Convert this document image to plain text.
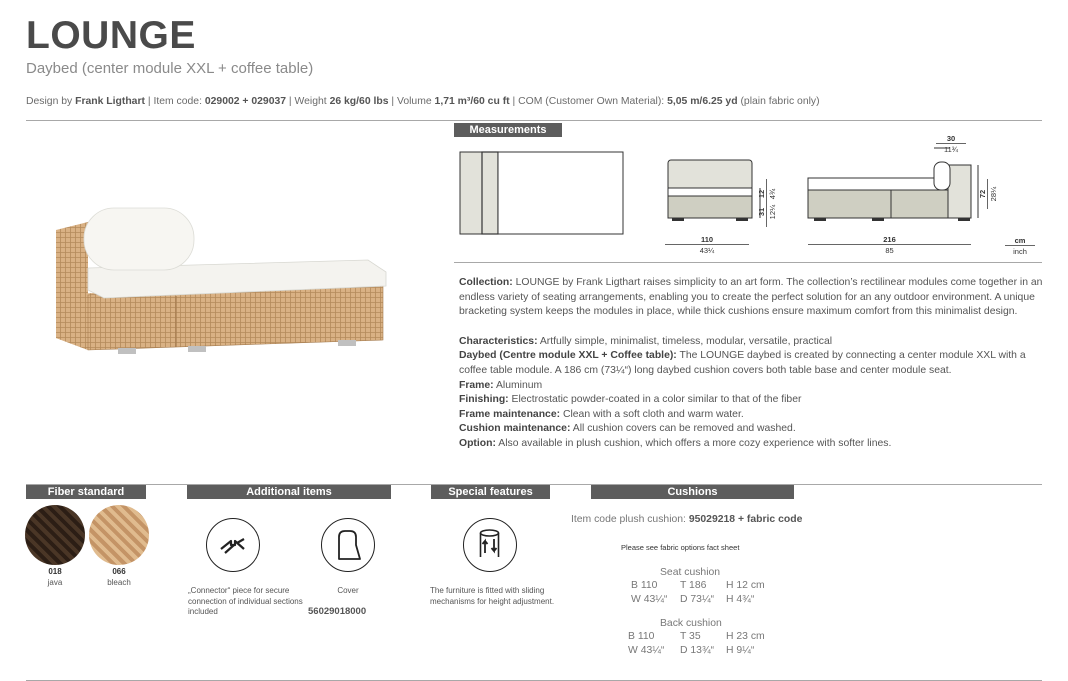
LOUNGE
Daybed (center module XXL + coffee table)
Design by Frank Ligthart | Item code: 029002 + 029037 | Weight 26 kg/60 lbs | Volume 1,71 m³/60 cu ft | COM (Customer Own Material): 5,05 m/6.25 yd (plain fabric only)
Measurements
110
43¼
216
85
30
11¾
cm
inch
12 4¾
31 12¼
72 28¼

Collection: LOUNGE by Frank Ligthart raises simplicity to an art form. The collection’s rectilinear modules come together in an endless variety of seating arrangements, enabling you to create the perfect solution for an any outdoor environment. A unique bracketing system keeps the modules in place, while thick cushions ensure maximum comfort from this minimalist design.

Characteristics: Artfully simple, minimalist, timeless, modular, versatile, practical

Daybed (Centre module XXL + Coffee table): The LOUNGE daybed is created by connecting a center module XXL with a coffee table module. A 186 cm (73¼“) long daybed cushion covers both table base and center module seat.

Frame: Aluminum

Finishing: Electrostatic powder-coated in a color similar to that of the fiber

Frame maintenance: Clean with a soft cloth and warm water.

Cushion maintenance: All cushion covers can be removed and washed.

Option: Also available in plush cushion, which offers a more cozy experience with softer lines.

Fiber standard	Additional items	Special features	Cushions
018
java
066
bleach
„Connector“ piece for secure connection of individual sections included
Cover
56029018000
The furniture is fitted with sliding mechanisms for height adjustment.
Item code plush cushion: 95029218 + fabric code
Please see fabric options fact sheet
Seat cushion
B 110 T 186 H 12 cm
W 43¼“ D 73¼“ H 4¾“
Back cushion
B 110 T 35 H 23 cm
W 43¼“ D 13¾“ H 9¼“
